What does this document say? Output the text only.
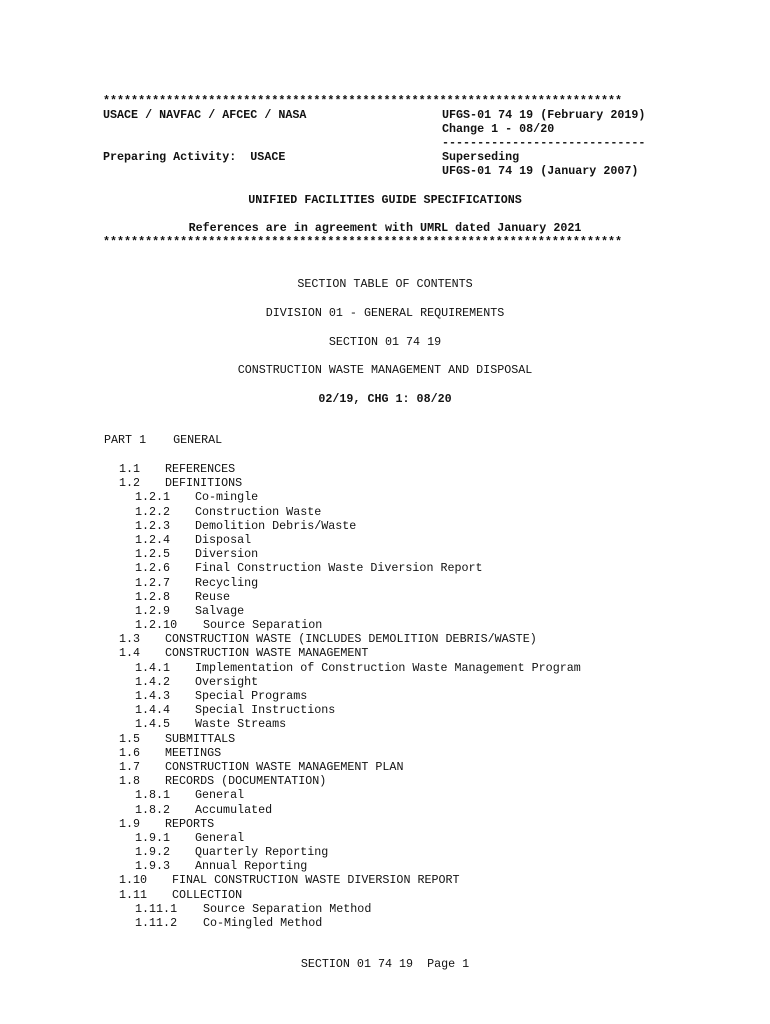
**************************************************************************
USACE / NAVFAC / AFCEC / NASA	UFGS-01 74 19 (February 2019)
Change 1 - 08/20
-----------------------------
Preparing Activity:  USACE	Superseding
UFGS-01 74 19 (January 2007)
UNIFIED FACILITIES GUIDE SPECIFICATIONS
References are in agreement with UMRL dated January 2021
**************************************************************************
SECTION TABLE OF CONTENTS
DIVISION 01 - GENERAL REQUIREMENTS
SECTION 01 74 19
CONSTRUCTION WASTE MANAGEMENT AND DISPOSAL
02/19, CHG 1: 08/20
PART 1 GENERAL
1.1 REFERENCES
1.2 DEFINITIONS
1.2.1 Co-mingle
1.2.2 Construction Waste
1.2.3 Demolition Debris/Waste
1.2.4 Disposal
1.2.5 Diversion
1.2.6 Final Construction Waste Diversion Report
1.2.7 Recycling
1.2.8 Reuse
1.2.9 Salvage
1.2.10 Source Separation
1.3 CONSTRUCTION WASTE (INCLUDES DEMOLITION DEBRIS/WASTE)
1.4 CONSTRUCTION WASTE MANAGEMENT
1.4.1 Implementation of Construction Waste Management Program
1.4.2 Oversight
1.4.3 Special Programs
1.4.4 Special Instructions
1.4.5 Waste Streams
1.5 SUBMITTALS
1.6 MEETINGS
1.7 CONSTRUCTION WASTE MANAGEMENT PLAN
1.8 RECORDS (DOCUMENTATION)
1.8.1 General
1.8.2 Accumulated
1.9 REPORTS
1.9.1 General
1.9.2 Quarterly Reporting
1.9.3 Annual Reporting
1.10 FINAL CONSTRUCTION WASTE DIVERSION REPORT
1.11 COLLECTION
1.11.1 Source Separation Method
1.11.2 Co-Mingled Method
SECTION 01 74 19  Page 1
